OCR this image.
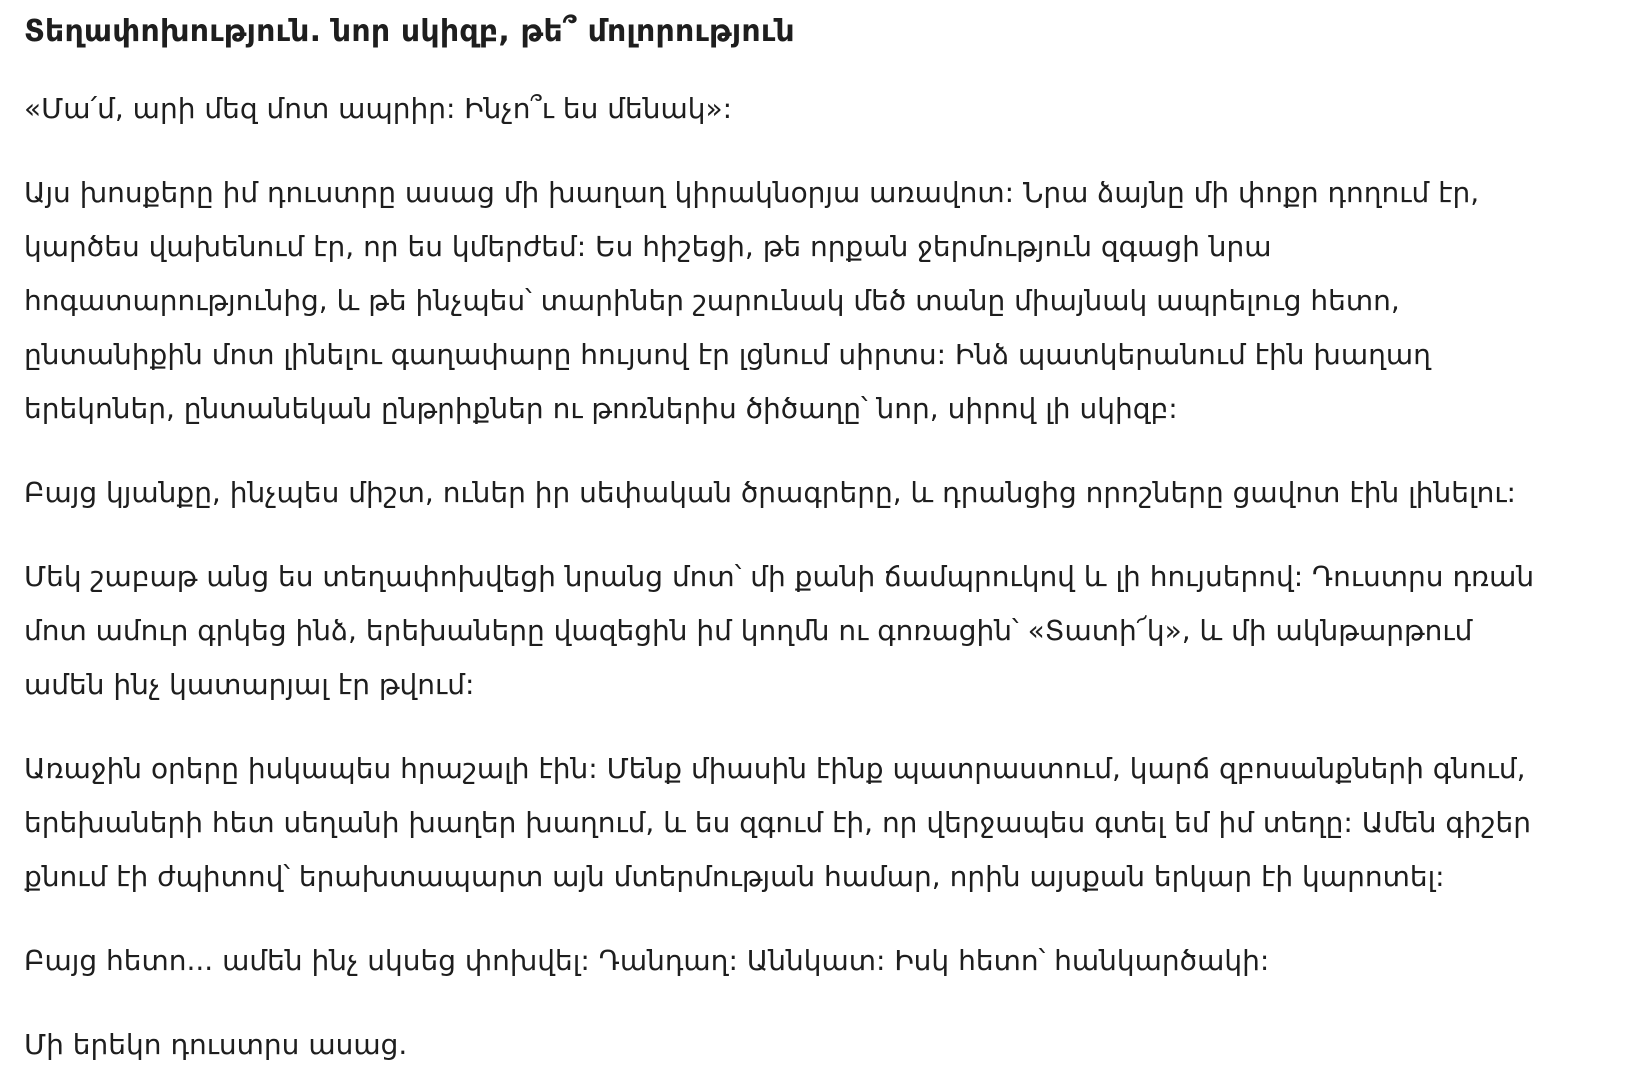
Տեղափոխություն. նոր սկիզբ, թե՞ մոլորություն

«Մա՛մ, արի մեզ մոտ ապրիր: Ինչո՞ւ ես մենակ»:

Այս խոսքերը իմ դուստրը ասաց մի խաղաղ կիրակնօրյա առավոտ: Նրա ձայնը մի փոքր դողում էր,
կարծես վախենում էր, որ ես կմերժեմ: Ես հիշեցի, թե որքան ջերմություն զգացի նրա
հոգատարությունից, և թե ինչպես՝ տարիներ շարունակ մեծ տանը միայնակ ապրելուց հետո,
ընտանիքին մոտ լինելու գաղափարը հույսով էր լցնում սիրտս: Ինձ պատկերանում էին խաղաղ
երեկոներ, ընտանեկան ընթրիքներ ու թոռներիս ծիծաղը՝ նոր, սիրով լի սկիզբ:

Բայց կյանքը, ինչպես միշտ, ուներ իր սեփական ծրագրերը, և դրանցից որոշները ցավոտ էին լինելու:

Մեկ շաբաթ անց ես տեղափոխվեցի նրանց մոտ՝ մի քանի ճամպրուկով և լի հույսերով: Դուստրս դռան
մոտ ամուր գրկեց ինձ, երեխաները վազեցին իմ կողմն ու գոռացին՝ «Տատի՜կ», և մի ակնթարթում
ամեն ինչ կատարյալ էր թվում:

Առաջին օրերը իսկապես հրաշալի էին: Մենք միասին էինք պատրաստում, կարճ զբոսանքների գնում,
երեխաների հետ սեղանի խաղեր խաղում, և ես զգում էի, որ վերջապես գտել եմ իմ տեղը: Ամեն գիշեր
քնում էի ժպիտով՝ երախտապարտ այն մտերմության համար, որին այսքան երկար էի կարոտել:

Բայց հետո... ամեն ինչ սկսեց փոխվել: Դանդաղ: Աննկատ: Իսկ հետո՝ հանկարծակի:

Մի երեկո դուստրս ասաց.
